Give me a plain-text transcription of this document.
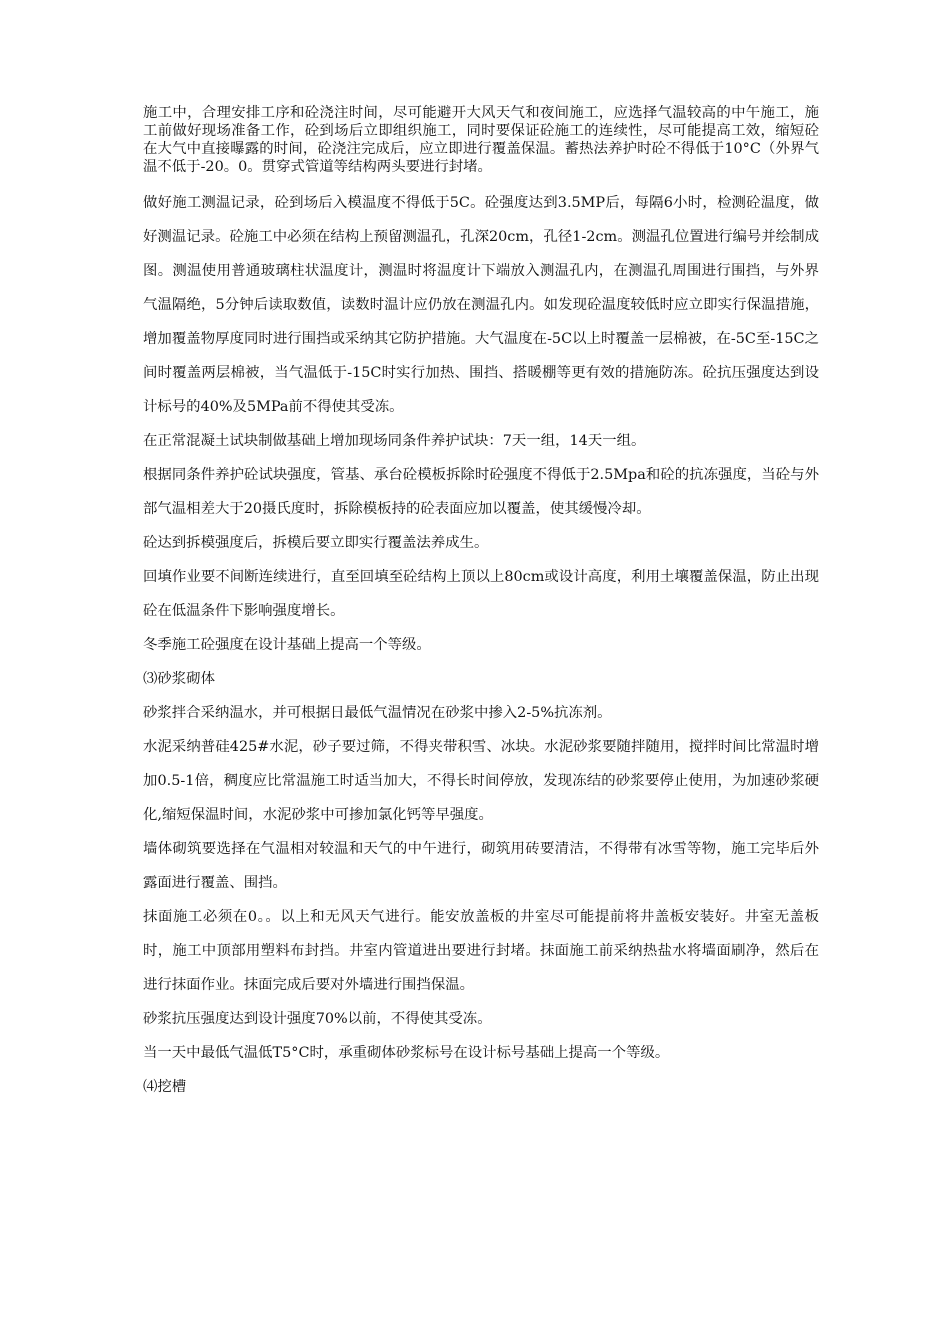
施工中，合理安排工序和砼浇注时间，尽可能避开大风天气和夜间施工，应选择气温较高的中午施工，施工前做好现场准备工作，砼到场后立即组织施工，同时要保证砼施工的连续性，尽可能提高工效，缩短砼在大气中直接曝露的时间，砼浇注完成后，应立即进行覆盖保温。蓄热法养护时砼不得低于10°C（外界气温不低于-20。0。贯穿式管道等结构两头要进行封堵。

做好施工测温记录，砼到场后入模温度不得低于5C。砼强度达到3.5MP后，每隔6小时，检测砼温度，做好测温记录。砼施工中必须在结构上预留测温孔，孔深20cm，孔径1-2cm。测温孔位置进行编号并绘制成图。测温使用普通玻璃柱状温度计，测温时将温度计下端放入测温孔内，在测温孔周围进行围挡，与外界气温隔绝，5分钟后读取数值，读数时温计应仍放在测温孔内。如发现砼温度较低时应立即实行保温措施，增加覆盖物厚度同时进行围挡或采纳其它防护措施。大气温度在-5C以上时覆盖一层棉被，在-5C至-15C之间时覆盖两层棉被，当气温低于-15C时实行加热、围挡、搭暖棚等更有效的措施防冻。砼抗压强度达到设计标号的40%及5MPa前不得使其受冻。

在正常混凝土试块制做基础上增加现场同条件养护试块：7天一组，14天一组。

根据同条件养护砼试块强度，管基、承台砼模板拆除时砼强度不得低于2.5Mpa和砼的抗冻强度，当砼与外部气温相差大于20摄氏度时，拆除模板持的砼表面应加以覆盖，使其缓慢冷却。

砼达到拆模强度后，拆模后要立即实行覆盖法养成生。

回填作业要不间断连续进行，直至回填至砼结构上顶以上80cm或设计高度，利用土壤覆盖保温，防止出现砼在低温条件下影响强度增长。

冬季施工砼强度在设计基础上提高一个等级。

⑶砂浆砌体

砂浆拌合采纳温水，并可根据日最低气温情况在砂浆中掺入2-5%抗冻剂。

水泥采纳普硅425#水泥，砂子要过筛，不得夹带积雪、冰块。水泥砂浆要随拌随用，搅拌时间比常温时增加0.5-1倍，稠度应比常温施工时适当加大，不得长时间停放，发现冻结的砂浆要停止使用，为加速砂浆硬化,缩短保温时间，水泥砂浆中可掺加氯化钙等早强度。

墙体砌筑要选择在气温相对较温和天气的中午进行，砌筑用砖要清洁，不得带有冰雪等物，施工完毕后外露面进行覆盖、围挡。

抹面施工必须在0。。以上和无风天气进行。能安放盖板的井室尽可能提前将井盖板安装好。井室无盖板时，施工中顶部用塑料布封挡。井室内管道进出要进行封堵。抹面施工前采纳热盐水将墙面刷净，然后在进行抹面作业。抹面完成后要对外墙进行围挡保温。

砂浆抗压强度达到设计强度70%以前，不得使其受冻。

当一天中最低气温低T5°C时，承重砌体砂浆标号在设计标号基础上提高一个等级。

⑷挖槽
